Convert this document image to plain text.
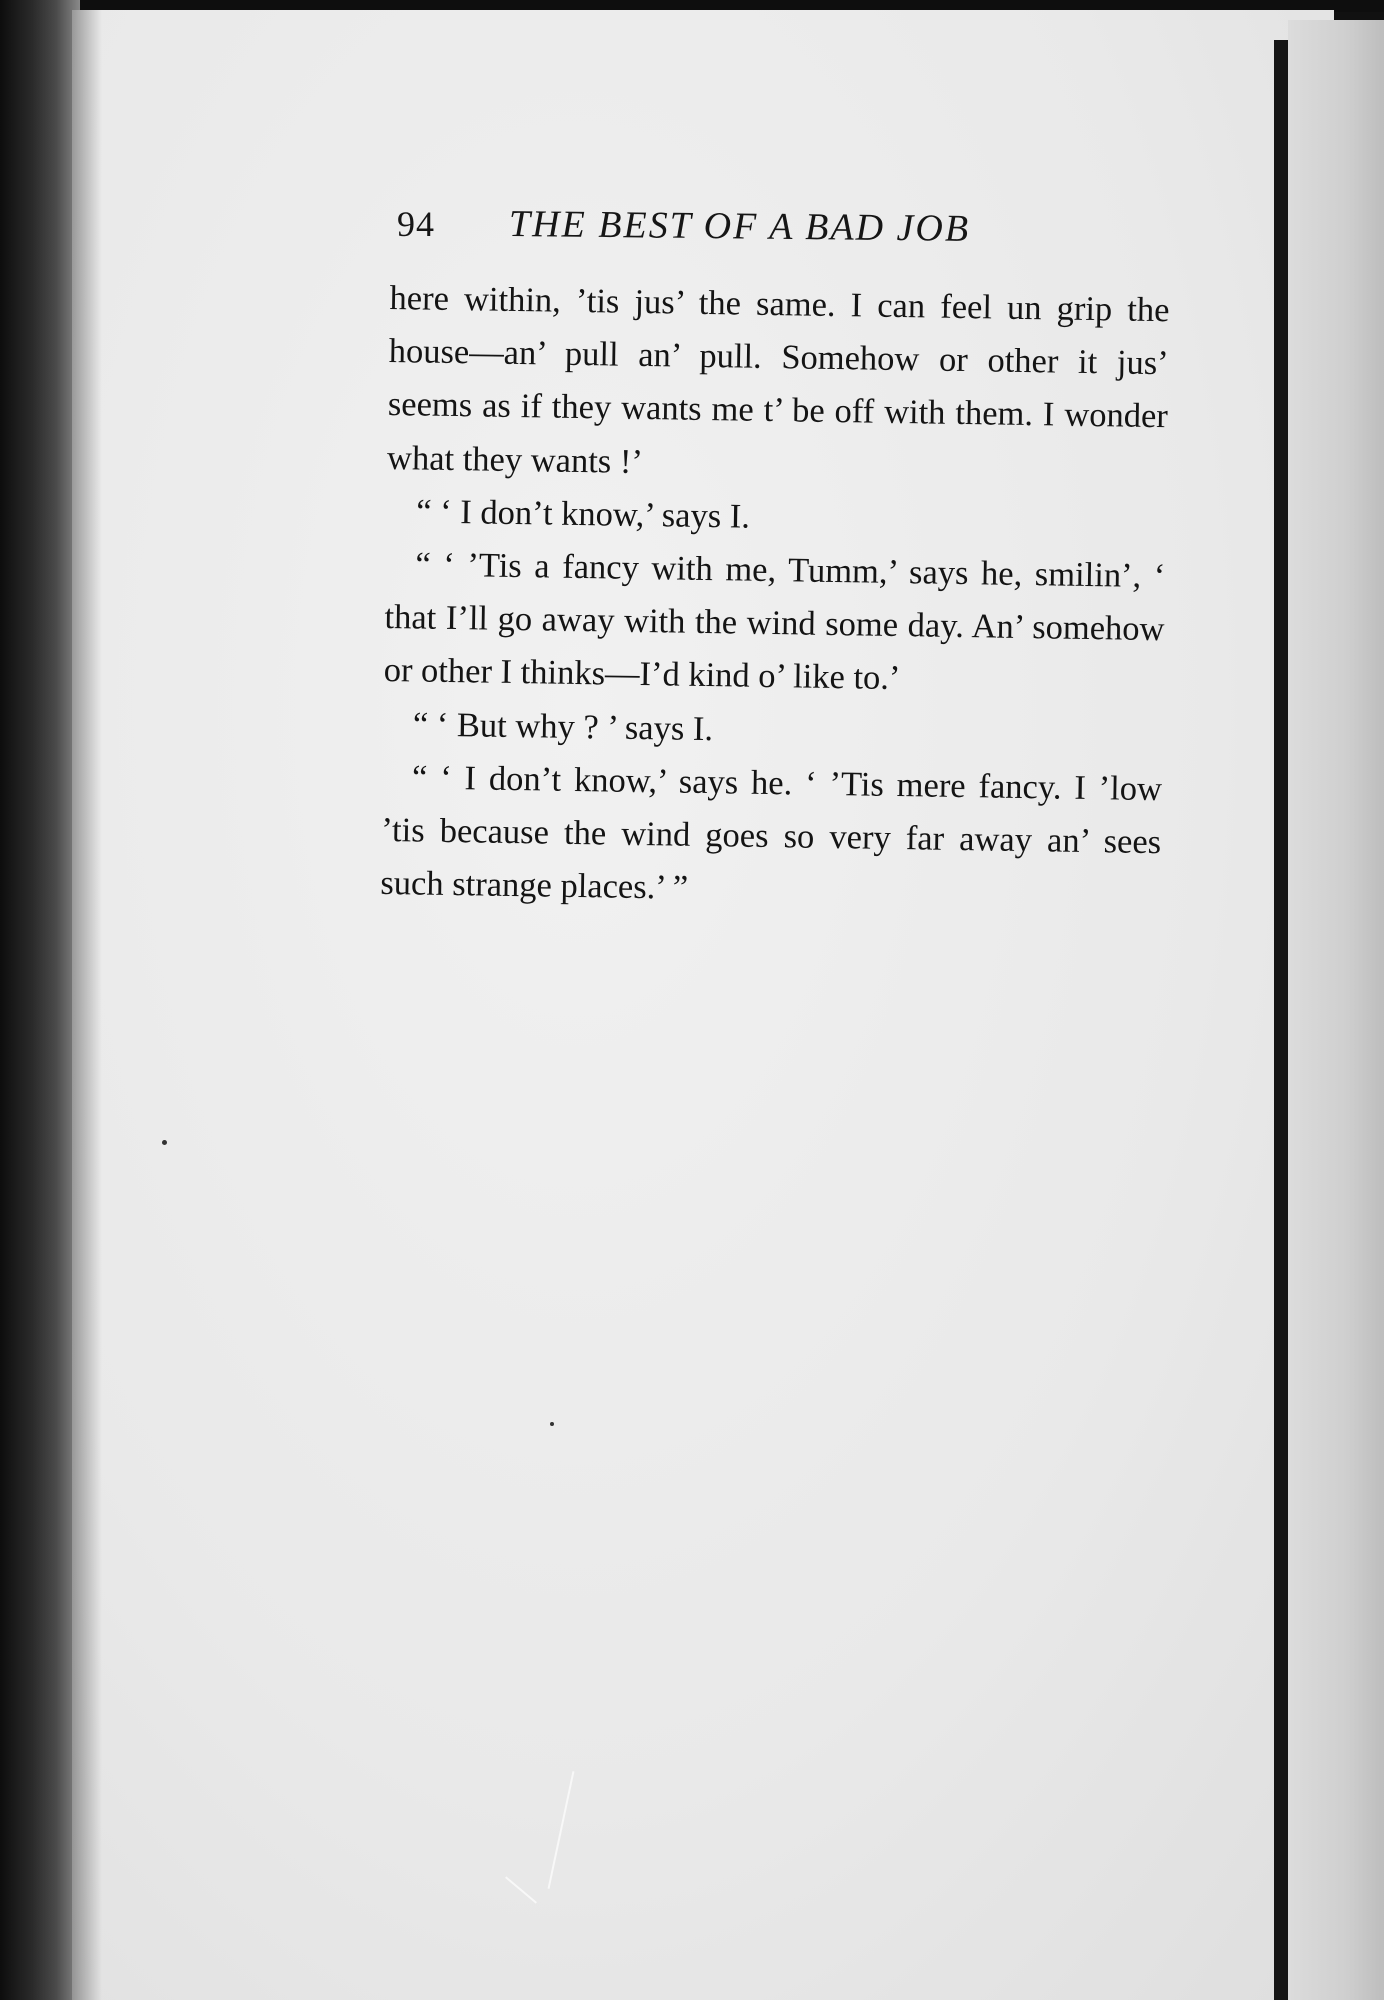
94 THE BEST OF A BAD JOB

here within, ’tis jus’ the same. I can feel un grip the house—an’ pull an’ pull. Somehow or other it jus’ seems as if they wants me t’ be off with them. I wonder what they wants !’

“ ‘ I don’t know,’ says I.

“ ‘ ’Tis a fancy with me, Tumm,’ says he, smilin’, ‘ that I’ll go away with the wind some day. An’ somehow or other I thinks—I’d kind o’ like to.’

“ ‘ But why ? ’ says I.

“ ‘ I don’t know,’ says he. ‘ ’Tis mere fancy. I ’low ’tis because the wind goes so very far away an’ sees such strange places.’ ”
